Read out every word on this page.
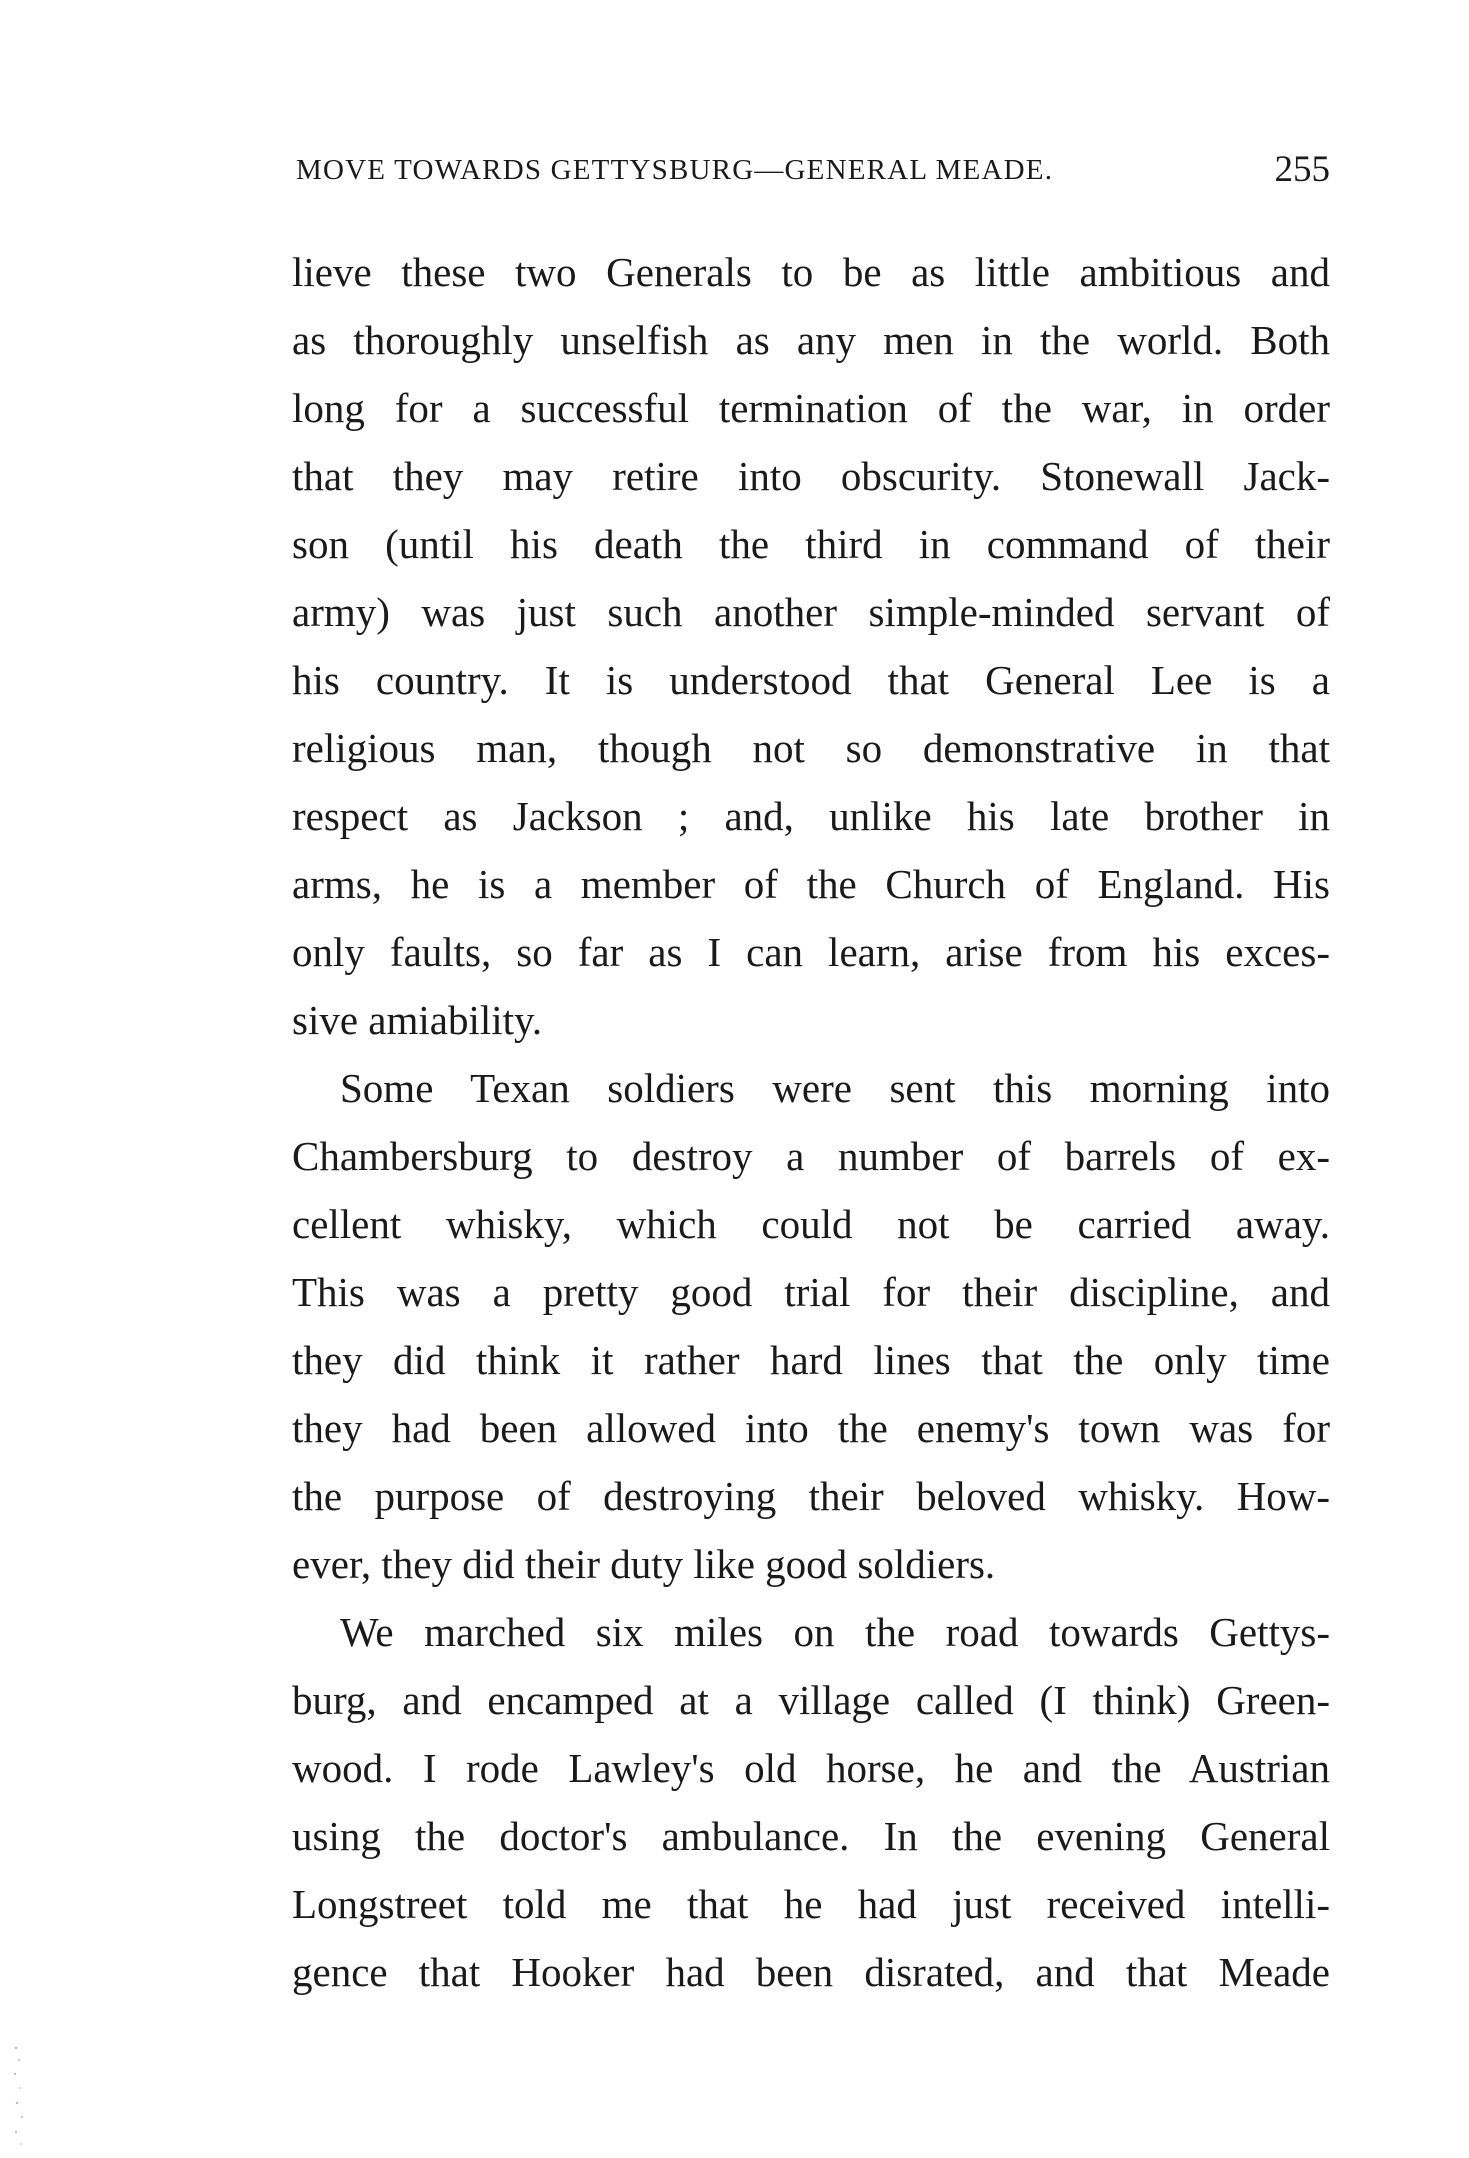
MOVE TOWARDS GETTYSBURG—GENERAL MEADE.	255
lieve these two Generals to be as little ambitious and
as thoroughly unselfish as any men in the world. Both
long for a successful termination of the war, in order
that they may retire into obscurity. Stonewall Jack-
son (until his death the third in command of their
army) was just such another simple-minded servant of
his country. It is understood that General Lee is a
religious man, though not so demonstrative in that
respect as Jackson ; and, unlike his late brother in
arms, he is a member of the Church of England. His
only faults, so far as I can learn, arise from his exces-
sive amiability.
Some Texan soldiers were sent this morning into
Chambersburg to destroy a number of barrels of ex-
cellent whisky, which could not be carried away.
This was a pretty good trial for their discipline, and
they did think it rather hard lines that the only time
they had been allowed into the enemy's town was for
the purpose of destroying their beloved whisky. How-
ever, they did their duty like good soldiers.
We marched six miles on the road towards Gettys-
burg, and encamped at a village called (I think) Green-
wood. I rode Lawley's old horse, he and the Austrian
using the doctor's ambulance. In the evening General
Longstreet told me that he had just received intelli-
gence that Hooker had been disrated, and that Meade
